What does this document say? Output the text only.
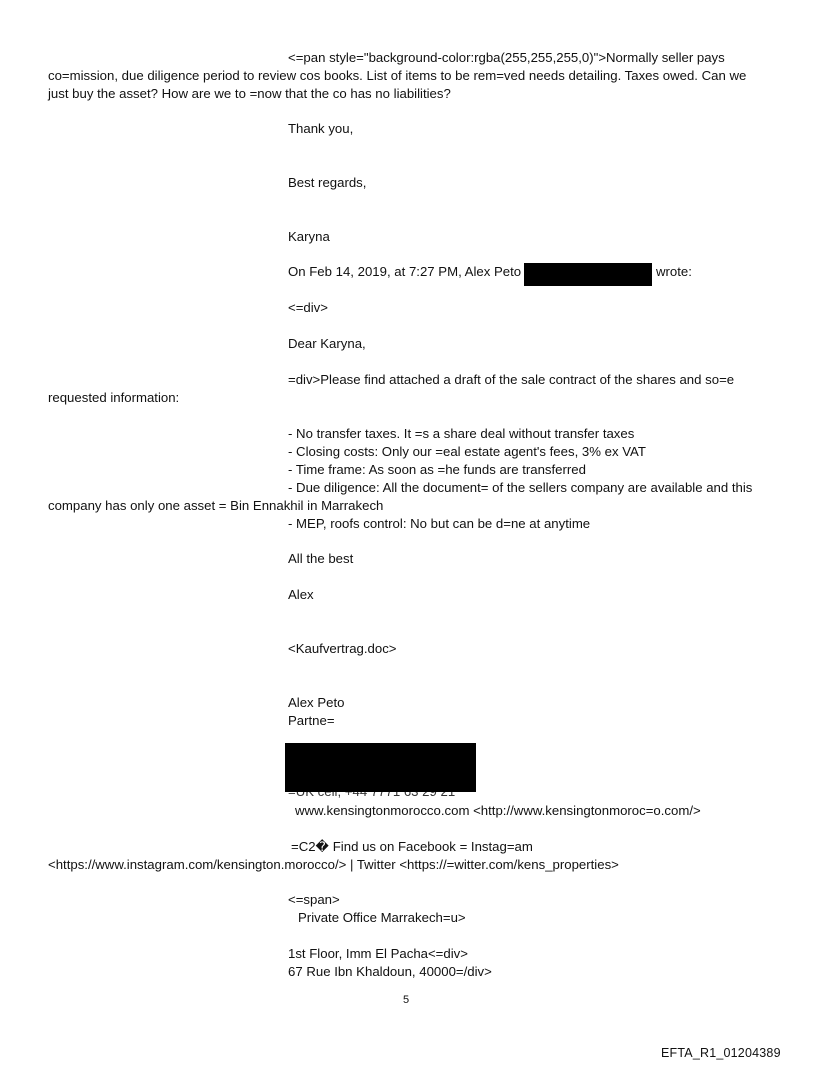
<=pan style="background-color:rgba(255,255,255,0)">Normally seller pays
co=mission, due diligence period to review cos books. List of items to be rem=ved needs detailing. Taxes owed. Can we
just buy the asset? How are we to =now that the co has no liabilities?
Thank you,
Best regards,
Karyna
On Feb 14, 2019, at 7:27 PM, Alex Peto	wrote:
<=div>
Dear Karyna,
=div>Please find attached a draft of the sale contract of the shares and so=e
requested information:
- No transfer taxes. It =s a share deal without transfer taxes
- Closing costs: Only our =eal estate agent's fees, 3% ex VAT
- Time frame: As soon as =he funds are transferred
- Due diligence: All the document= of the sellers company are available and this
company has only one asset = Bin Ennakhil in Marrakech
- MEP, roofs control: No but can be d=ne at anytime
All the best
Alex
<Kaufvertrag.doc>
Alex Peto
Partne=
www.kensingtonmorocco.com <http://www.kensingtonmoroc=o.com/>
=C2� Find us on Facebook = Instag=am
<https://www.instagram.com/kensington.morocco/> | Twitter <https://=witter.com/kens_properties>
<=span>
Private Office Marrakech=u>
1st Floor, Imm El Pacha<=div>
67 Rue Ibn Khaldoun, 40000=/div>
5
EFTA_R1_01204389
